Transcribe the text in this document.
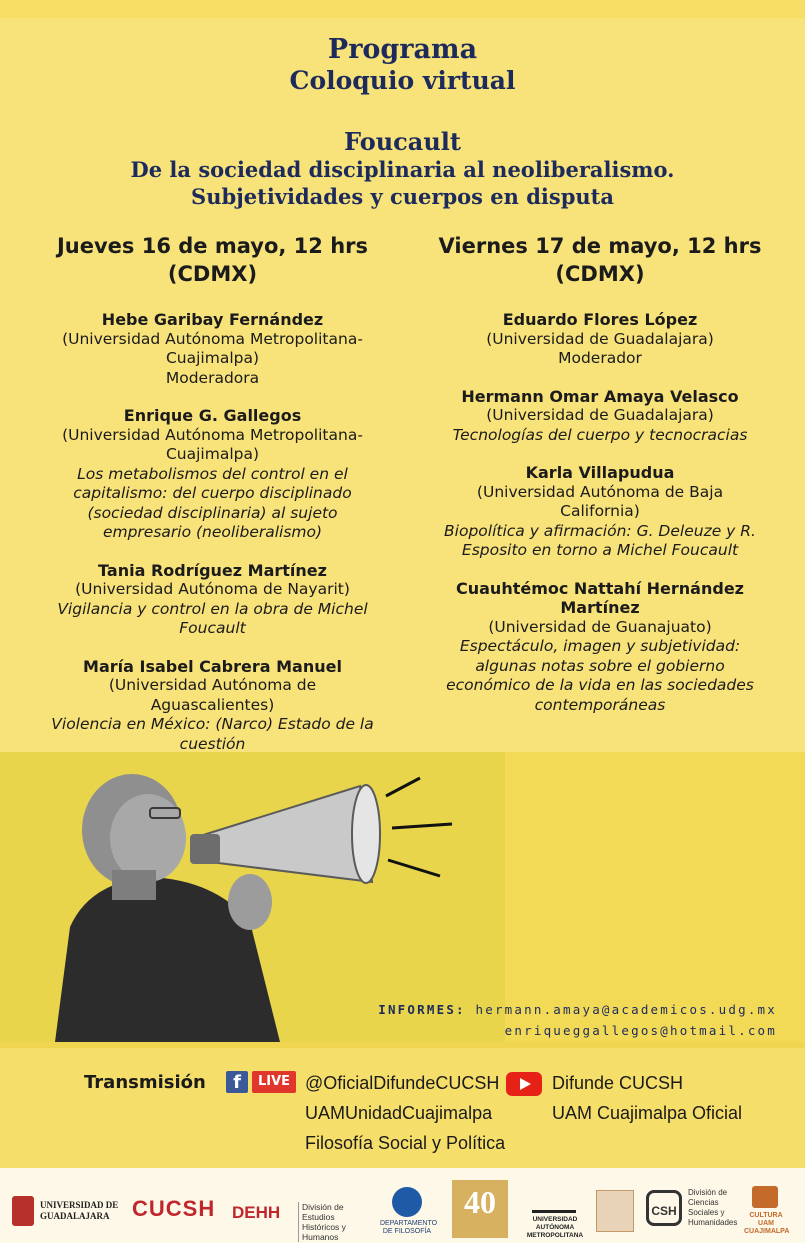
Programa
Coloquio virtual
Foucault
De la sociedad disciplinaria al neoliberalismo.
Subjetividades y cuerpos en disputa
Jueves 16 de mayo, 12 hrs
(CDMX)
Hebe Garibay Fernández
(Universidad Autónoma Metropolitana-
Cuajimalpa)
Moderadora
Enrique G. Gallegos
(Universidad Autónoma Metropolitana-
Cuajimalpa)
Los metabolismos del control en el
capitalismo: del cuerpo disciplinado
(sociedad disciplinaria) al sujeto
empresario (neoliberalismo)
Tania Rodríguez Martínez
(Universidad Autónoma de Nayarit)
Vigilancia y control en la obra de Michel
Foucault
María Isabel Cabrera Manuel
(Universidad Autónoma de
Aguascalientes)
Violencia en México: (Narco) Estado de la
cuestión
Viernes 17 de mayo, 12 hrs
(CDMX)
Eduardo Flores López
(Universidad de Guadalajara)
Moderador
Hermann Omar Amaya Velasco
(Universidad de Guadalajara)
Tecnologías del cuerpo y tecnocracias
Karla Villapudua
(Universidad Autónoma de Baja
California)
Biopolítica y afirmación: G. Deleuze y R.
Esposito en torno a Michel Foucault
Cuauhtémoc Nattahí Hernández
Martínez
(Universidad de Guanajuato)
Espectáculo, imagen y subjetividad:
algunas notas sobre el gobierno
económico de la vida en las sociedades
contemporáneas
INFORMES: hermann.amaya@academicos.udg.mx
enriqueggallegos@hotmail.com
Transmisión	f	LIVE @OficialDifundeCUCSH
UAMUnidadCuajimalpa
Filosofía Social y Política
Difunde CUCSH
UAM Cuajimalpa Oficial
UNIVERSIDAD DE GUADALAJARA	CUCSH DEHH	División de Estudios Históricos y Humanos
DEPARTAMENTO DE FILOSOFÍA
40	UNIVERSIDAD AUTÓNOMA METROPOLITANA
CSH
División de Ciencias Sociales y Humanidades
CULTURA UAM CUAJIMALPA
